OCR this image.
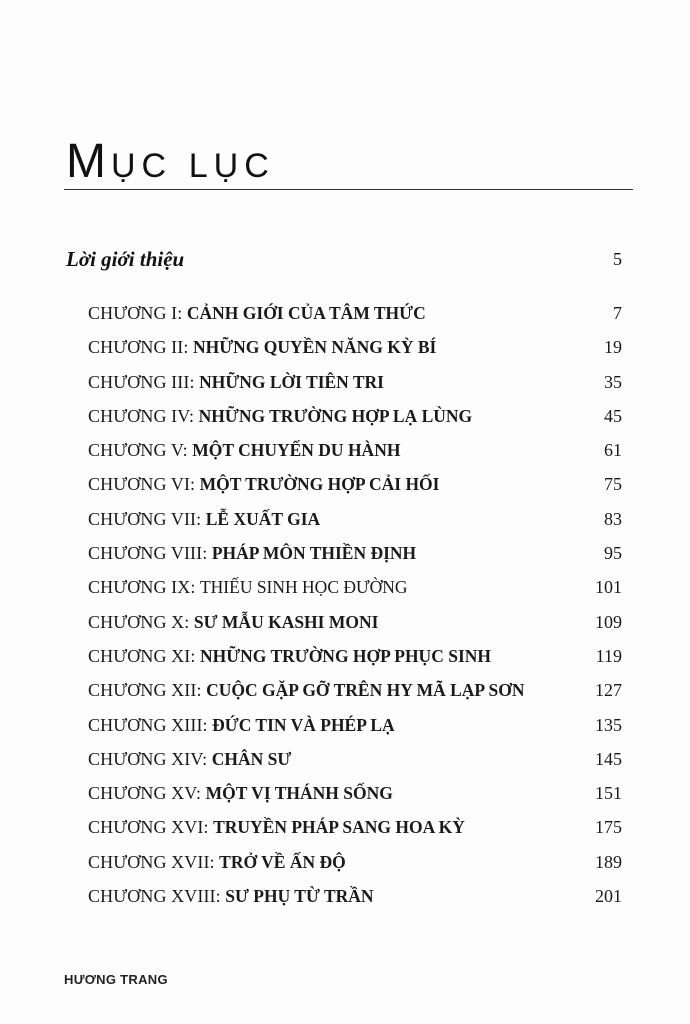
MỤC LỤC
Lời giới thiệu	5
CHƯƠNG I: CẢNH GIỚI CỦA TÂM THỨC	7
CHƯƠNG II: NHỮNG QUYỀN NĂNG KỲ BÍ	19
CHƯƠNG III: NHỮNG LỜI TIÊN TRI	35
CHƯƠNG IV: NHỮNG TRƯỜNG HỢP LẠ LÙNG	45
CHƯƠNG V: MỘT CHUYẾN DU HÀNH	61
CHƯƠNG VI: MỘT TRƯỜNG HỢP CẢI HỐI	75
CHƯƠNG VII: LỄ XUẤT GIA	83
CHƯƠNG VIII: PHÁP MÔN THIỀN ĐỊNH	95
CHƯƠNG IX: THIẾU SINH HỌC ĐƯỜNG	101
CHƯƠNG X: SƯ MẪU KASHI MONI	109
CHƯƠNG XI: NHỮNG TRƯỜNG HỢP PHỤC SINH	119
CHƯƠNG XII: CUỘC GẶP GỠ TRÊN HY MÃ LẠP SƠN	127
CHƯƠNG XIII: ĐỨC TIN VÀ PHÉP LẠ	135
CHƯƠNG XIV: CHÂN SƯ	145
CHƯƠNG XV: MỘT VỊ THÁNH SỐNG	151
CHƯƠNG XVI: TRUYỀN PHÁP SANG HOA KỲ	175
CHƯƠNG XVII: TRỞ VỀ ẤN ĐỘ	189
CHƯƠNG XVIII: SƯ PHỤ TỪ TRẦN	201
HƯƠNG TRANG
